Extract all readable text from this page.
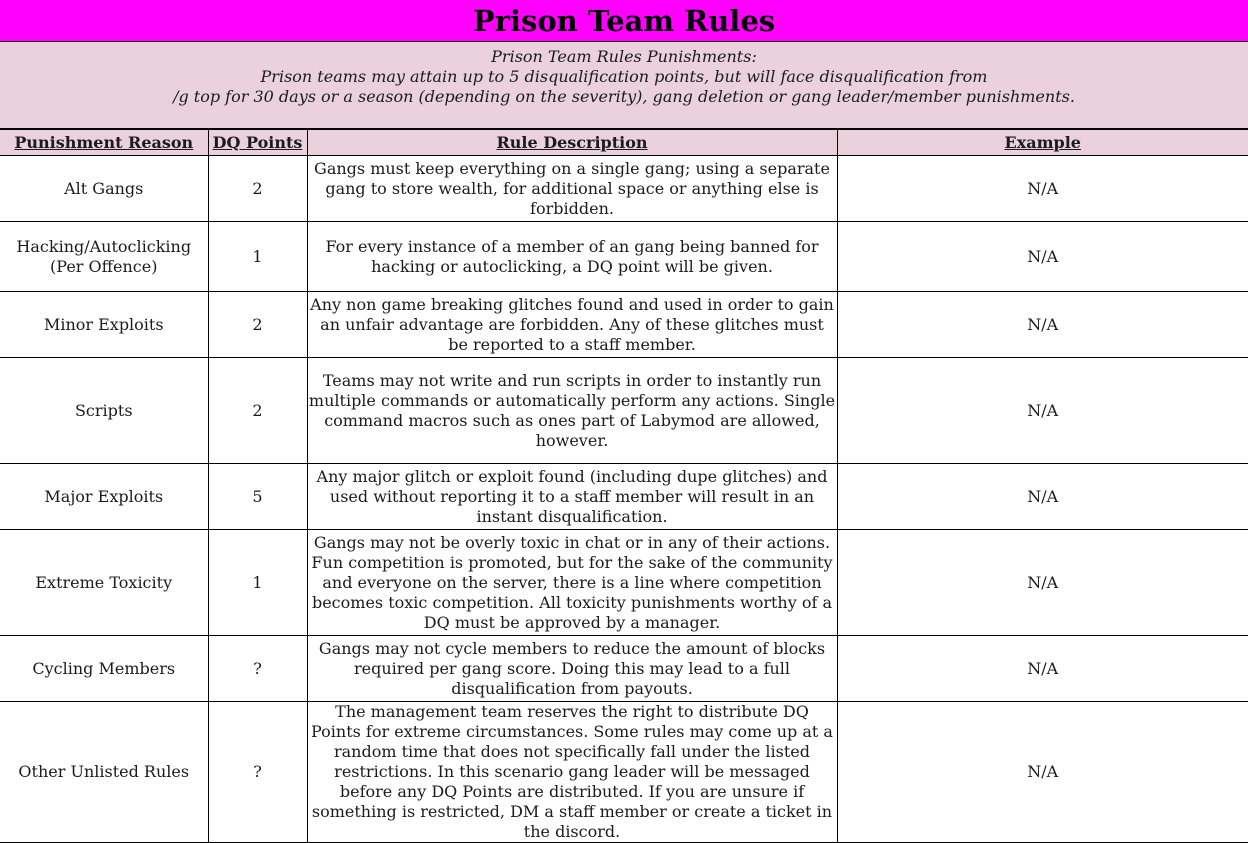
Prison Team Rules
Prison Team Rules Punishments:
Prison teams may attain up to 5 disqualification points, but will face disqualification from
/g top for 30 days or a season (depending on the severity), gang deletion or gang leader/member punishments.
Punishment Reason	DQ Points	Rule Description	Example
Alt Gangs	2	Gangs must keep everything on a single gang; using a separate gang to store wealth, for additional space or anything else is forbidden.	N/A
Hacking/Autoclicking (Per Offence)	1	For every instance of a member of an gang being banned for hacking or autoclicking, a DQ point will be given.	N/A
Minor Exploits	2	Any non game breaking glitches found and used in order to gain an unfair advantage are forbidden. Any of these glitches must be reported to a staff member.	N/A
Scripts	2	Teams may not write and run scripts in order to instantly run multiple commands or automatically perform any actions. Single command macros such as ones part of Labymod are allowed, however.	N/A
Major Exploits	5	Any major glitch or exploit found (including dupe glitches) and used without reporting it to a staff member will result in an instant disqualification.	N/A
Extreme Toxicity	1	Gangs may not be overly toxic in chat or in any of their actions. Fun competition is promoted, but for the sake of the community and everyone on the server, there is a line where competition becomes toxic competition. All toxicity punishments worthy of a DQ must be approved by a manager.	N/A
Cycling Members	?	Gangs may not cycle members to reduce the amount of blocks required per gang score. Doing this may lead to a full disqualification from payouts.	N/A
Other Unlisted Rules	?	The management team reserves the right to distribute DQ Points for extreme circumstances. Some rules may come up at a random time that does not specifically fall under the listed restrictions. In this scenario gang leader will be messaged before any DQ Points are distributed. If you are unsure if something is restricted, DM a staff member or create a ticket in the discord.	N/A
